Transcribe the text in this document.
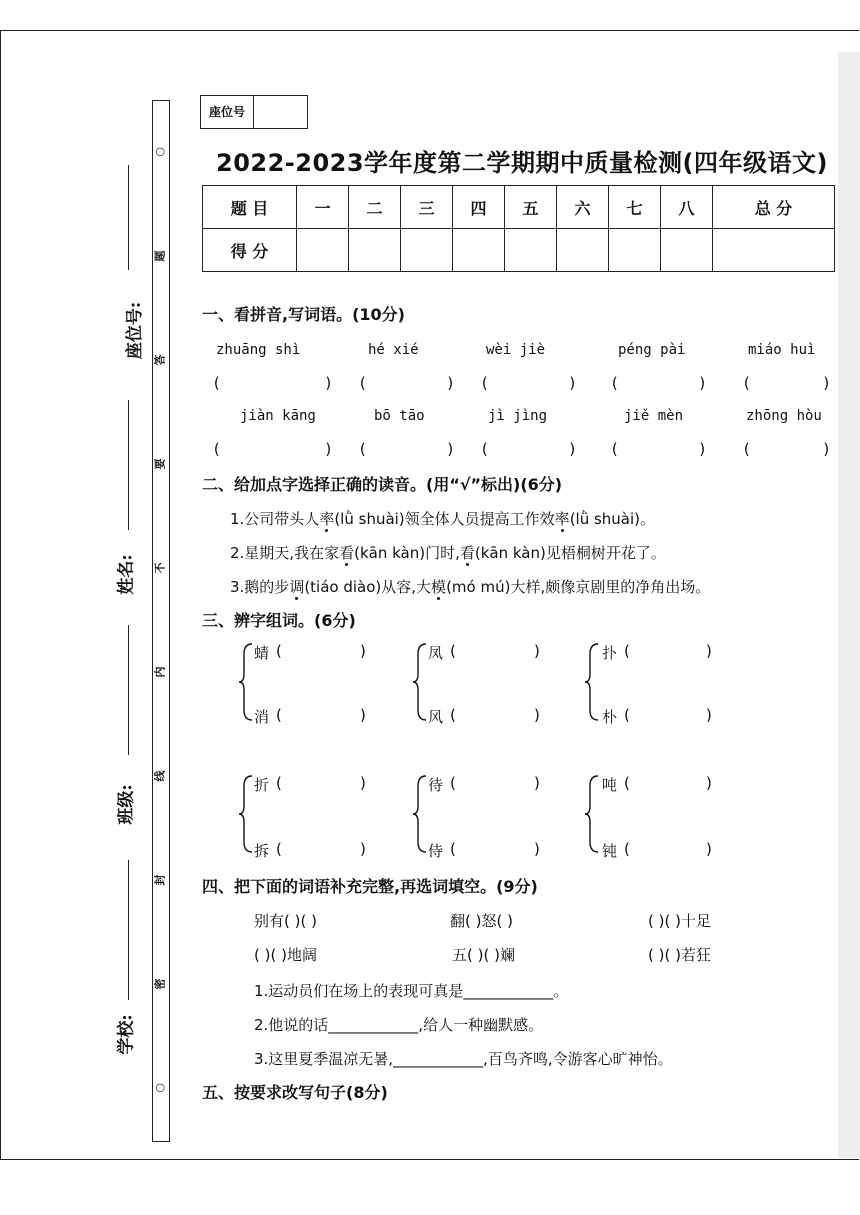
○
题
答
要
不
内
线
封
密
○
座位号:
姓名:
班级:
学校:
座位号
2022-2023学年度第二学期期中质量检测(四年级语文)
题 目	一	二	三	四	五	六	七	八	总 分
得 分									
一、看拼音,写词语。(10分)
zhuāng shì	hé xié	wèi jiè	péng pài	miáo huì
(	) (	) (	) (	) (	)
jiàn kāng	bō tāo	jì jìng	jiě mèn	zhōng hòu
(	) (	) (	) (	) (	)
二、给加点字选择正确的读音。(用“√”标出)(6分)
1.公司带头人率(lǜ shuài)领全体人员提高工作效率(lǜ shuài)。
2.星期天,我在家看(kān kàn)门时,看(kān kàn)见梧桐树开花了。
3.鹅的步调(tiáo diào)从容,大模(mó mú)大样,颇像京剧里的净角出场。
三、辨字组词。(6分)
蜻 (	)
消 (	)
凤 (	)
风 (	)
扑 (	)
朴 (	)
折 (	)
拆 (	)
待 (	)
侍 (	)
吨 (	)
钝 (	)
四、把下面的词语补充完整,再选词填空。(9分)
别有( )( )	翻( )怒( )	( )( )十足
( )( )地阔	五( )( )斓	( )( )若狂
1.运动员们在场上的表现可真是____________。
2.他说的话____________,给人一种幽默感。
3.这里夏季温凉无暑,____________,百鸟齐鸣,令游客心旷神怡。
五、按要求改写句子(8分)
